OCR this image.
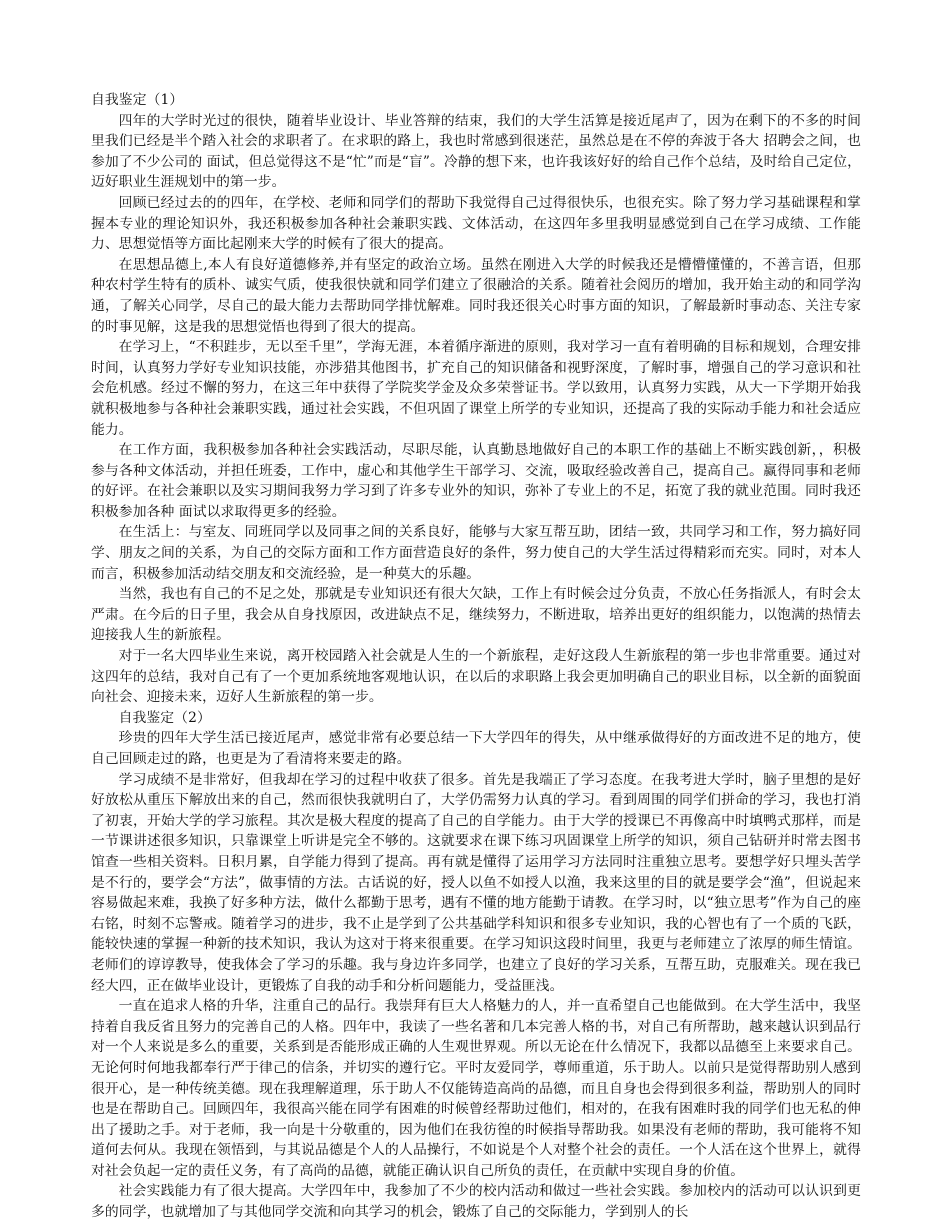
自我鉴定（1）

四年的大学时光过的很快，随着毕业设计、毕业答辩的结束，我们的大学生活算是接近尾声了，因为在剩下的不多的时间里我们已经是半个踏入社会的求职者了。在求职的路上，我也时常感到很迷茫，虽然总是在不停的奔波于各大 招聘会之间，也参加了不少公司的 面试，但总觉得这不是“忙”而是“盲”。冷静的想下来，也许我该好好的给自己作个总结，及时给自己定位，迈好职业生涯规划中的第一步。

回顾已经过去的的四年，在学校、老师和同学们的帮助下我觉得自己过得很快乐，也很充实。除了努力学习基础课程和掌握本专业的理论知识外，我还积极参加各种社会兼职实践、文体活动，在这四年多里我明显感觉到自己在学习成绩、工作能力、思想觉悟等方面比起刚来大学的时候有了很大的提高。

在思想品德上,本人有良好道德修养,并有坚定的政治立场。虽然在刚进入大学的时候我还是懵懵懂懂的，不善言语，但那种农村学生特有的质朴、诚实气质，使我很快就和同学们建立了很融洽的关系。随着社会阅历的增加，我开始主动的和同学沟通，了解关心同学，尽自己的最大能力去帮助同学排忧解难。同时我还很关心时事方面的知识，了解最新时事动态、关注专家的时事见解，这是我的思想觉悟也得到了很大的提高。

在学习上，“不积跬步，无以至千里”，学海无涯，本着循序渐进的原则，我对学习一直有着明确的目标和规划，合理安排时间，认真努力学好专业知识技能，亦涉猎其他图书，扩充自己的知识储备和视野深度，了解时事，增强自己的学习意识和社会危机感。经过不懈的努力，在这三年中获得了学院奖学金及众多荣誉证书。学以致用，认真努力实践，从大一下学期开始我就积极地参与各种社会兼职实践，通过社会实践，不但巩固了课堂上所学的专业知识，还提高了我的实际动手能力和社会适应能力。

在工作方面，我积极参加各种社会实践活动，尽职尽能，认真勤恳地做好自己的本职工作的基础上不断实践创新，，积极参与各种文体活动，并担任班委，工作中，虚心和其他学生干部学习、交流，吸取经验改善自己，提高自己。赢得同事和老师的好评。在社会兼职以及实习期间我努力学习到了许多专业外的知识，弥补了专业上的不足，拓宽了我的就业范围。同时我还积极参加各种 面试以求取得更多的经验。

在生活上：与室友、同班同学以及同事之间的关系良好，能够与大家互帮互助，团结一致，共同学习和工作，努力搞好同学、朋友之间的关系，为自己的交际方面和工作方面营造良好的条件，努力使自己的大学生活过得精彩而充实。同时，对本人而言，积极参加活动结交朋友和交流经验，是一种莫大的乐趣。

当然，我也有自己的不足之处，那就是专业知识还有很大欠缺，工作上有时候会过分负责，不放心任务指派人，有时会太严肃。在今后的日子里，我会从自身找原因，改进缺点不足，继续努力，不断进取，培养出更好的组织能力，以饱满的热情去迎接我人生的新旅程。

对于一名大四毕业生来说，离开校园踏入社会就是人生的一个新旅程，走好这段人生新旅程的第一步也非常重要。通过对这四年的总结，我对自己有了一个更加系统地客观地认识，在以后的求职路上我会更加明确自己的职业目标，以全新的面貌面向社会、迎接未来，迈好人生新旅程的第一步。

自我鉴定（2）

珍贵的四年大学生活已接近尾声，感觉非常有必要总结一下大学四年的得失，从中继承做得好的方面改进不足的地方，使自己回顾走过的路，也更是为了看清将来要走的路。

学习成绩不是非常好，但我却在学习的过程中收获了很多。首先是我端正了学习态度。在我考进大学时，脑子里想的是好好放松从重压下解放出来的自己，然而很快我就明白了，大学仍需努力认真的学习。看到周围的同学们拼命的学习，我也打消了初衷，开始大学的学习旅程。其次是极大程度的提高了自己的自学能力。由于大学的授课已不再像高中时填鸭式那样，而是一节课讲述很多知识，只靠课堂上听讲是完全不够的。这就要求在课下练习巩固课堂上所学的知识，须自己钻研并时常去图书馆查一些相关资料。日积月累，自学能力得到了提高。再有就是懂得了运用学习方法同时注重独立思考。要想学好只埋头苦学是不行的，要学会“方法”，做事情的方法。古话说的好，授人以鱼不如授人以渔，我来这里的目的就是要学会“渔”，但说起来容易做起来难，我换了好多种方法，做什么都勤于思考，遇有不懂的地方能勤于请教。在学习时，以“独立思考”作为自己的座右铭，时刻不忘警戒。随着学习的进步，我不止是学到了公共基础学科知识和很多专业知识，我的心智也有了一个质的飞跃，能较快速的掌握一种新的技术知识，我认为这对于将来很重要。在学习知识这段时间里，我更与老师建立了浓厚的师生情谊。老师们的谆谆教导，使我体会了学习的乐趣。我与身边许多同学，也建立了良好的学习关系，互帮互助，克服难关。现在我已经大四，正在做毕业设计，更锻炼了自我的动手和分析问题能力，受益匪浅。

一直在追求人格的升华，注重自己的品行。我崇拜有巨大人格魅力的人，并一直希望自己也能做到。在大学生活中，我坚持着自我反省且努力的完善自己的人格。四年中，我读了一些名著和几本完善人格的书，对自己有所帮助，越来越认识到品行对一个人来说是多么的重要，关系到是否能形成正确的人生观世界观。所以无论在什么情况下，我都以品德至上来要求自己。无论何时何地我都奉行严于律己的信条，并切实的遵行它。平时友爱同学，尊师重道，乐于助人。以前只是觉得帮助别人感到很开心，是一种传统美德。现在我理解道理，乐于助人不仅能铸造高尚的品德，而且自身也会得到很多利益，帮助别人的同时也是在帮助自己。回顾四年，我很高兴能在同学有困难的时候曾经帮助过他们，相对的，在我有困难时我的同学们也无私的伸出了援助之手。对于老师，我一向是十分敬重的，因为他们在我彷徨的时候指导帮助我。如果没有老师的帮助，我可能将不知道何去何从。我现在领悟到，与其说品德是个人的人品操行，不如说是个人对整个社会的责任。一个人活在这个世界上，就得对社会负起一定的责任义务，有了高尚的品德，就能正确认识自己所负的责任，在贡献中实现自身的价值。

社会实践能力有了很大提高。大学四年中，我参加了不少的校内活动和做过一些社会实践。参加校内的活动可以认识到更多的同学，也就增加了与其他同学交流和向其学习的机会，锻炼了自己的交际能力，学到别人的长
